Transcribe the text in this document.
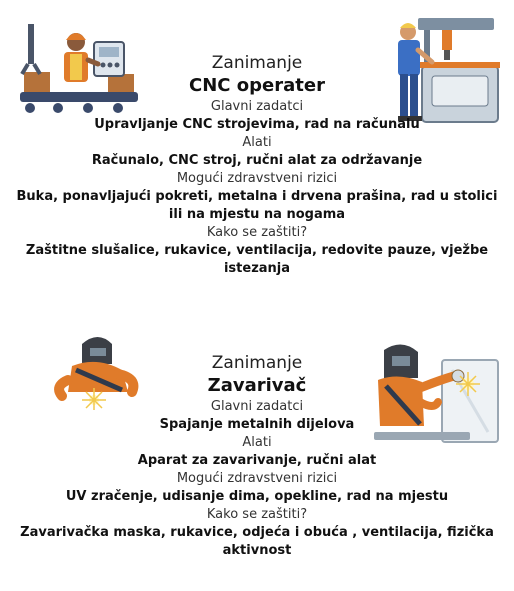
Zanimanje
CNC operater
Glavni zadatci
Upravljanje CNC strojevima, rad na računalu
Alati
Računalo, CNC stroj, ručni alat za održavanje
Mogući zdravstveni rizici
Buka, ponavljajući pokreti, metalna i drvena prašina, rad u stolici ili na mjestu na nogama
Kako se zaštiti?
Zaštitne slušalice, rukavice, ventilacija, redovite pauze, vježbe istezanja
Zanimanje
Zavarivač
Glavni zadatci
Spajanje metalnih dijelova
Alati
Aparat za zavarivanje, ručni alat
Mogući zdravstveni rizici
UV zračenje, udisanje dima, opekline, rad na mjestu
Kako se zaštiti?
Zavarivačka maska, rukavice, odjeća i obuća , ventilacija, fizička aktivnost
